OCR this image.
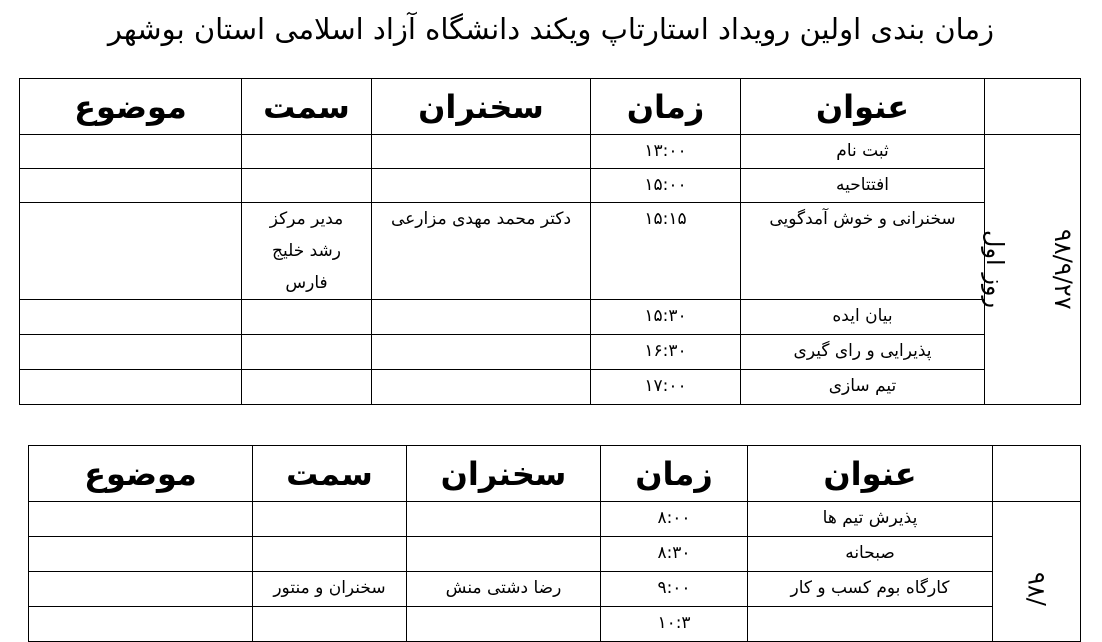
زمان بندی اولین رویداد استارتاپ ویکند دانشگاه آزاد اسلامی استان بوشهر
	عنوان	زمان	سخنران	سمت	موضوع

۹۸/۹/۲۷
روز اول	ثبت نام	۱۳:۰۰			
	افتتاحیه	۱۵:۰۰			
	سخنرانی و خوش آمدگویی	۱۵:۱۵	دکتر محمد مهدی مزارعی	مدیر مرکز رشد خلیج فارس	

	بیان ایده	۱۵:۳۰			
	پذیرایی و رای گیری	۱۶:۳۰			
	تیم سازی	۱۷:۰۰			
	عنوان	زمان	سخنران	سمت	موضوع

۹۸/	پذیرش تیم ها	۸:۰۰			
	صبحانه	۸:۳۰			
	کارگاه بوم کسب و کار	۹:۰۰	رضا دشتی منش	سخنران و منتور	
		۱۰:۳			
